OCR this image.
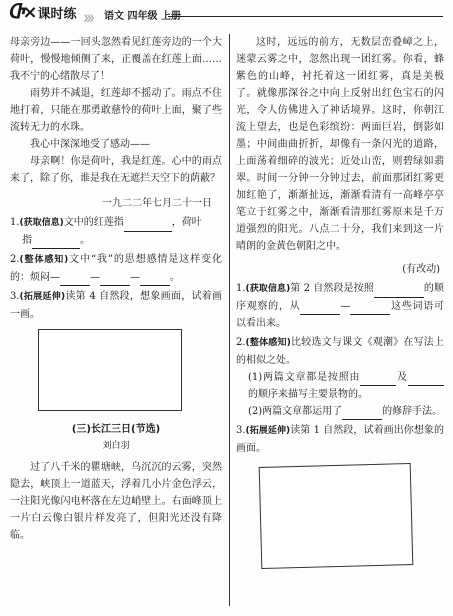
Ⴇ× 课时练 》》》 语文 四年级 上册

母亲旁边——一回头忽然看见红莲旁边的一个大荷叶，慢慢地倾侧了来，正覆盖在红莲上面……我不宁的心绪散尽了！

雨势并不减退，红莲却不摇动了。雨点不住地打着，只能在那勇敢慈怜的荷叶上面，聚了些流转无力的水珠。

我心中深深地受了感动——

母亲啊！你是荷叶，我是红莲。心中的雨点来了，除了你，谁是我在无遮拦天空下的荫蔽？

一九二二年七月二十一日

1.(获取信息)文中的红莲指	，荷叶
指	。

2.(整体感知)文中“我”的思想感情是这样变化的：烦闷—	—	—	。

3.(拓展延伸)读第 4 自然段，想象画面，试着画一画。

(三)长江三日(节选)
刘白羽

过了八千米的瞿塘峡，乌沉沉的云雾，突然隐去，峡顶上一道蓝天，浮着几小片金色浮云，一注阳光像闪电杯落在左边峭壁上。右面峰顶上一片白云像白银片样发亮了，但阳光还没有降临。

这时，远远的前方，无数层峦叠嶂之上，迷蒙云雾之中，忽然出现一团红雾。你看，蜂紫色的山峰，衬托着这一团红雾，真是美极了。就像那深谷之中向上反射出红色宝石的闪光，令人仿佛进入了神话境界。这时，你朝江流上望去，也是色彩缤纷：两面巨岩，倒影如墨；中间曲曲折折，却像有一条闪光的道路，上面荡着细碎的波光；近处山峦，则碧绿如翡翠。时间一分钟一分钟过去，前面那团红雾更加红艳了，渐渐扯远，渐渐看清有一高峰亭亭笔立于红雾之中，渐渐看清那红雾原来是千万道强烈的阳光。八点二十分，我们来到这一片晴朗的金黄色朝阳之中。

(有改动)

1.(获取信息)第 2 自然段是按照	的顺序观察的，从	—	这些词语可以看出来。

2.(整体感知)比较选文与课文《观潮》在写法上的相似之处。

(1)两篇文章都是按照由	及的顺序来描写主要景物的。

(2)两篇文章都运用了	的修辞手法。

3.(拓展延伸)读第 1 自然段，试着画出你想象的画面。
